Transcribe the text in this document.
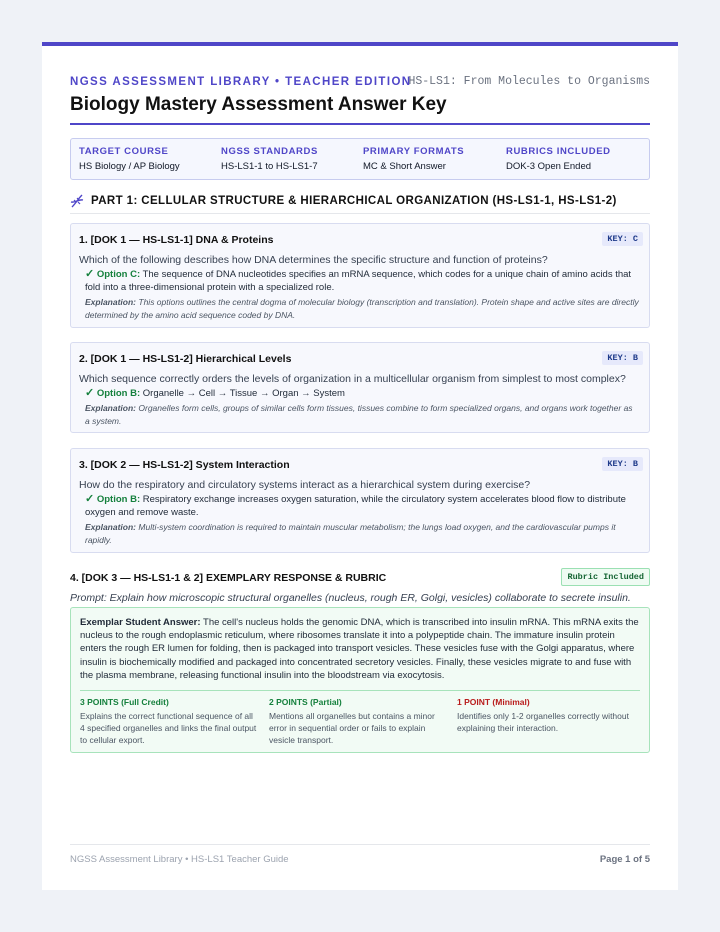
NGSS ASSESSMENT LIBRARY • TEACHER EDITION
HS-LS1: From Molecules to Organisms
Biology Mastery Assessment Answer Key
TARGET COURSE
HS Biology / AP Biology
NGSS STANDARDS
HS-LS1-1 to HS-LS1-7
PRIMARY FORMATS
MC & Short Answer
RUBRICS INCLUDED
DOK-3 Open Ended
PART 1: CELLULAR STRUCTURE & HIERARCHICAL ORGANIZATION (HS-LS1-1, HS-LS1-2)
1. [DOK 1 — HS-LS1-1] DNA & Proteins	KEY: C
Which of the following describes how DNA determines the specific structure and function of proteins?
✓ Option C: The sequence of DNA nucleotides specifies an mRNA sequence, which codes for a unique chain of amino acids that fold into a three-dimensional protein with a specialized role.
Explanation: This options outlines the central dogma of molecular biology (transcription and translation). Protein shape and active sites are directly determined by the amino acid sequence coded by DNA.
2. [DOK 1 — HS-LS1-2] Hierarchical Levels	KEY: B
Which sequence correctly orders the levels of organization in a multicellular organism from simplest to most complex?
✓ Option B: Organelle → Cell → Tissue → Organ → System
Explanation: Organelles form cells, groups of similar cells form tissues, tissues combine to form specialized organs, and organs work together as a system.
3. [DOK 2 — HS-LS1-2] System Interaction	KEY: B
How do the respiratory and circulatory systems interact as a hierarchical system during exercise?
✓ Option B: Respiratory exchange increases oxygen saturation, while the circulatory system accelerates blood flow to distribute oxygen and remove waste.
Explanation: Multi-system coordination is required to maintain muscular metabolism; the lungs load oxygen, and the cardiovascular pumps it rapidly.
4. [DOK 3 — HS-LS1-1 & 2] EXEMPLARY RESPONSE & RUBRIC	Rubric Included
Prompt: Explain how microscopic structural organelles (nucleus, rough ER, Golgi, vesicles) collaborate to secrete insulin.
Exemplar Student Answer: The cell's nucleus holds the genomic DNA, which is transcribed into insulin mRNA. This mRNA exits the nucleus to the rough endoplasmic reticulum, where ribosomes translate it into a polypeptide chain. The immature insulin protein enters the rough ER lumen for folding, then is packaged into transport vesicles. These vesicles fuse with the Golgi apparatus, where insulin is biochemically modified and packaged into concentrated secretory vesicles. Finally, these vesicles migrate to and fuse with the plasma membrane, releasing functional insulin into the bloodstream via exocytosis.
3 POINTS (Full Credit)
Explains the correct functional sequence of all 4 specified organelles and links the final output to cellular export.
2 POINTS (Partial)
Mentions all organelles but contains a minor error in sequential order or fails to explain vesicle transport.
1 POINT (Minimal)
Identifies only 1-2 organelles correctly without explaining their interaction.
NGSS Assessment Library • HS-LS1 Teacher Guide	Page 1 of 5
